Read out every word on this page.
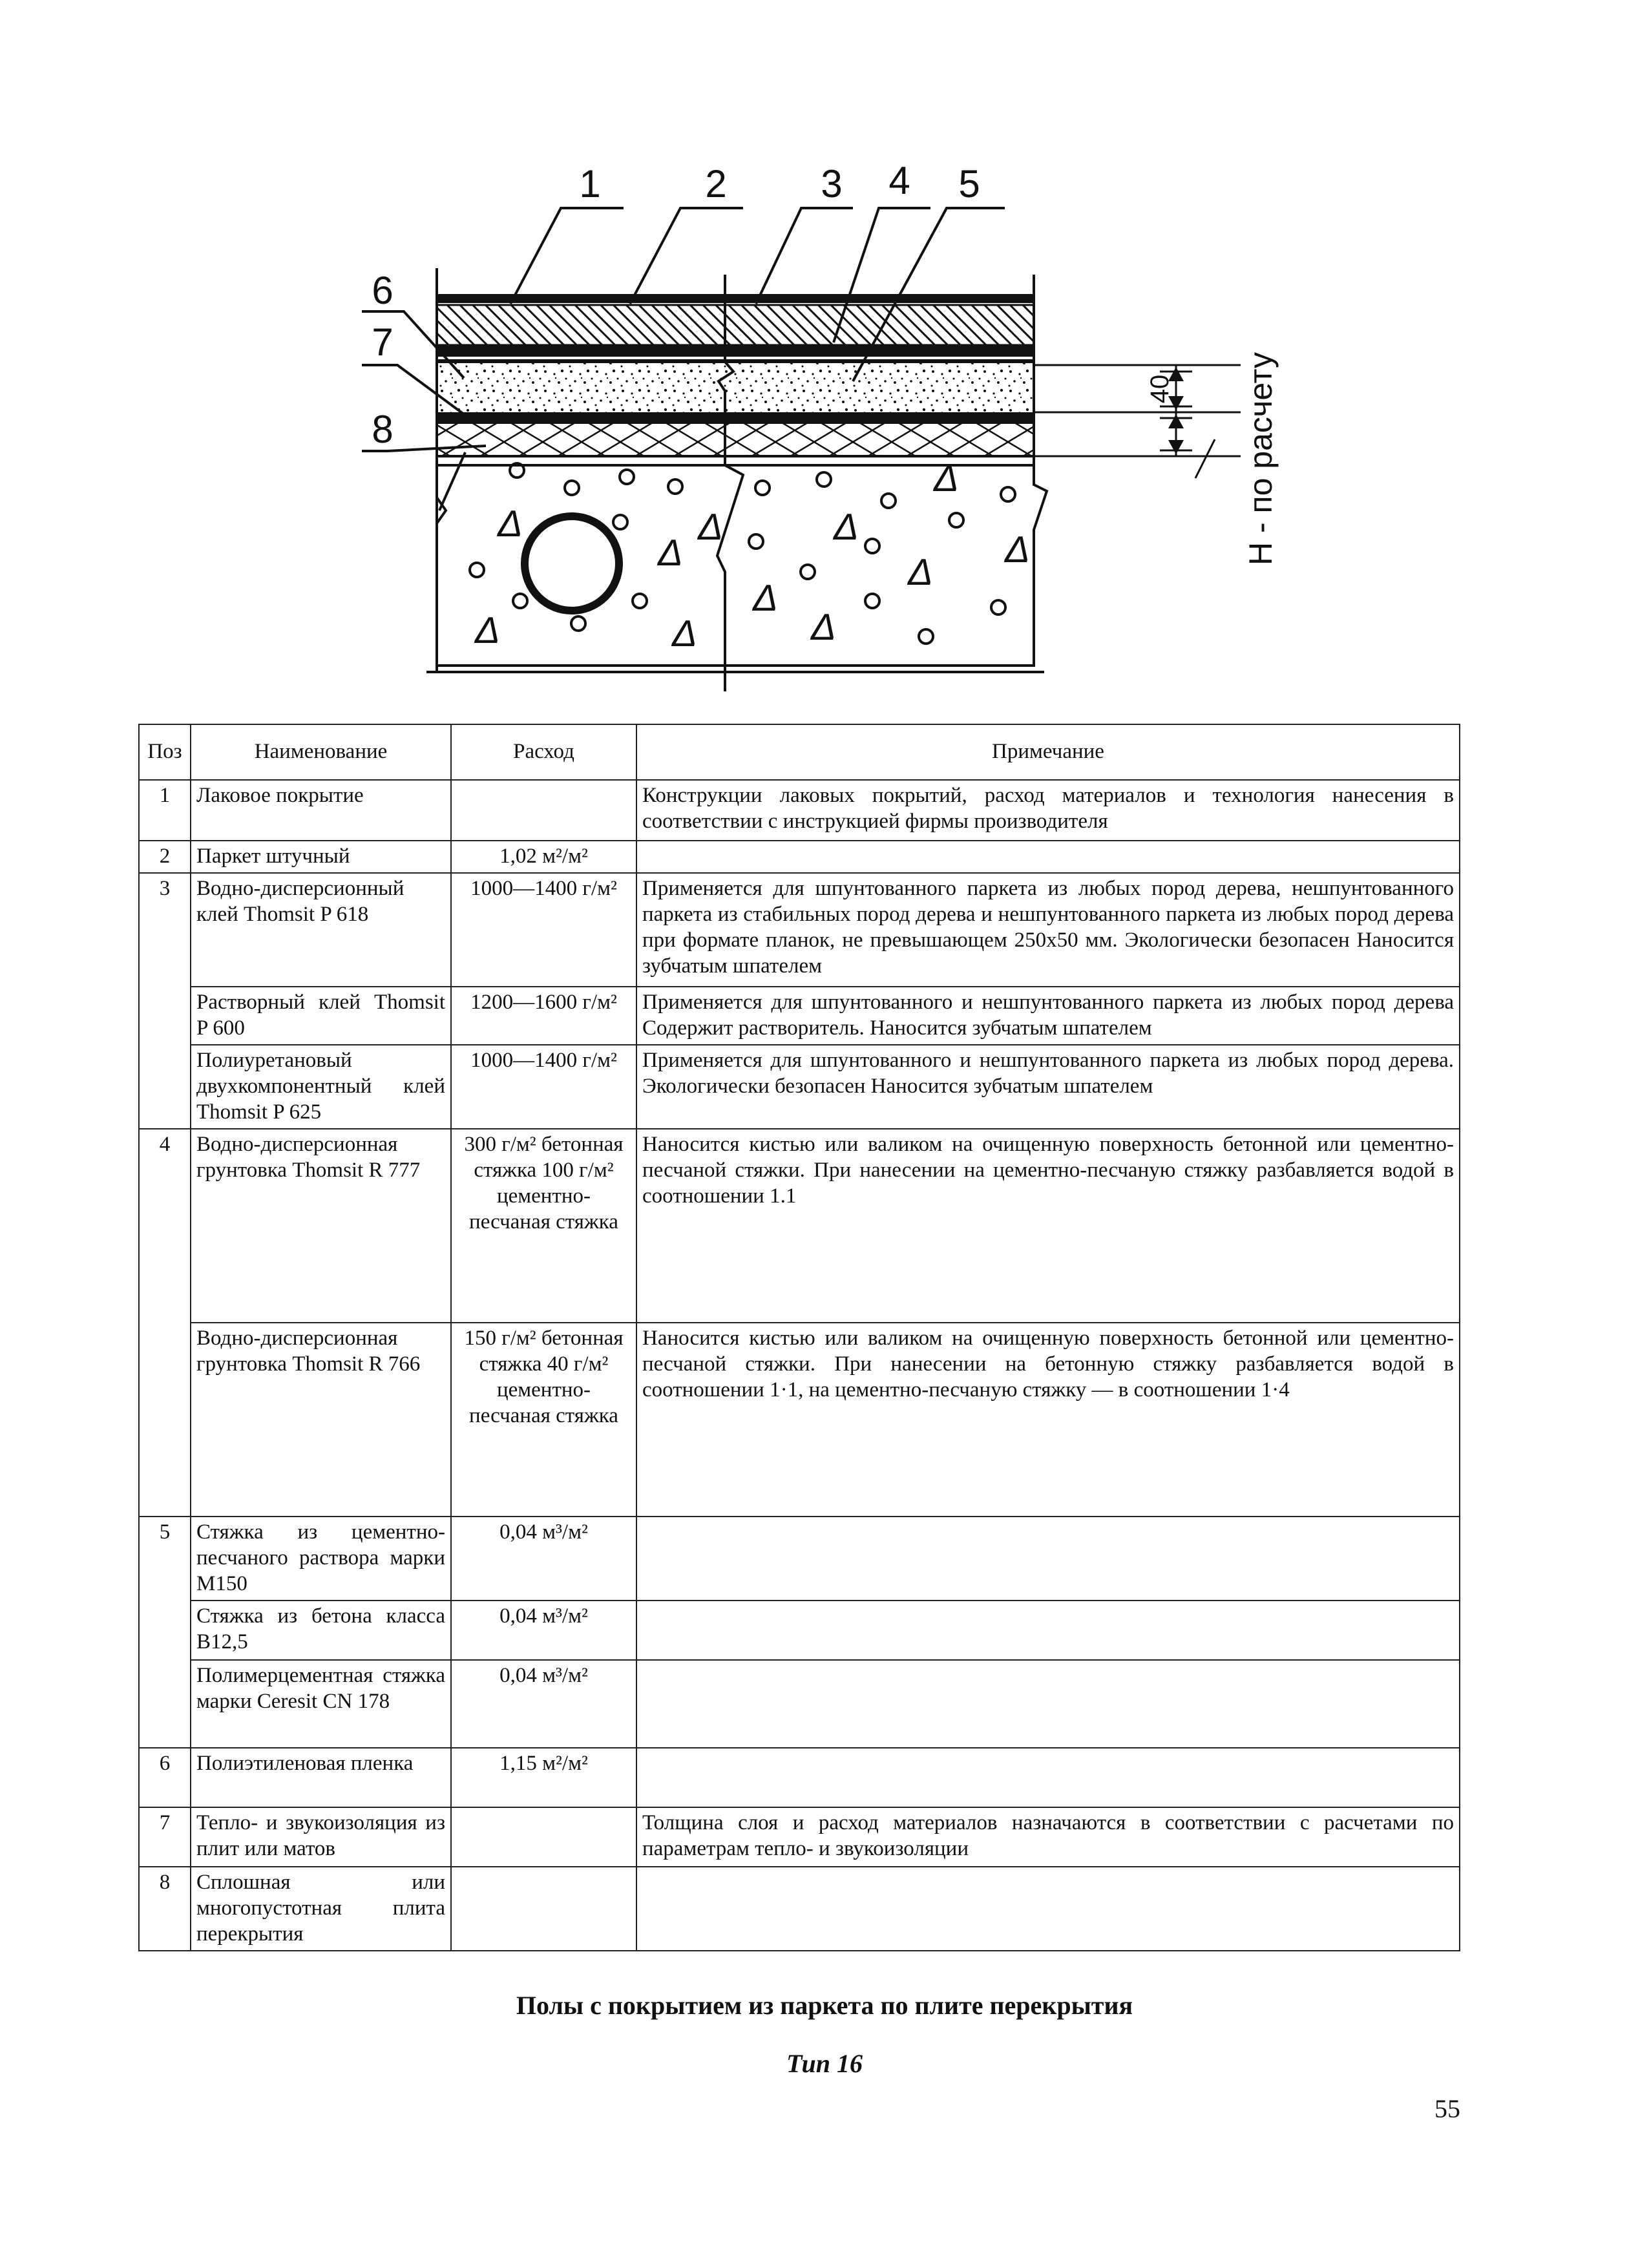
Δ
Δ
Δ
Δ	Δ
Δ
Δ
Δ
Δ
Δ
Δ
1	2 3 4 5
6
7
8
40 H - по расчету
Поз	Наименование	Расход	Примечание
1	Лаковое покрытие		Конструкции лаковых покрытий, расход материалов и технология нанесения в соответствии с инструкцией фирмы производителя
2	Паркет штучный	1,02 м²/м²	
3	Водно-дисперсионный клей Thomsit P 618	1000—1400 г/м²	Применяется для шпунтованного паркета из любых пород дерева, нешпунтованного паркета из стабильных пород дерева и нешпунтованного паркета из любых пород дерева при формате планок, не превышающем 250х50 мм. Экологически безопасен Наносится зубчатым шпателем
	Растворный клей Thomsit P 600	1200—1600 г/м²	Применяется для шпунтованного и нешпунтованного паркета из любых пород дерева Содержит растворитель. Наносится зубчатым шпателем
	Полиуретановый двухкомпонентный клей Thomsit P 625	1000—1400 г/м²	Применяется для шпунтованного и нешпунтованного паркета из любых пород дерева. Экологически безопасен Наносится зубчатым шпателем
4	Водно-дисперсионная грунтовка Thomsit R 777	300 г/м² бетонная стяжка 100 г/м² цементно-песчаная стяжка	Наносится кистью или валиком на очищенную поверхность бетонной или цементно-песчаной стяжки. При нанесении на цементно-песчаную стяжку разбавляется водой в соотношении 1.1
	Водно-дисперсионная грунтовка Thomsit R 766	150 г/м² бетонная стяжка 40 г/м² цементно-песчаная стяжка	Наносится кистью или валиком на очищенную поверхность бетонной или цементно-песчаной стяжки. При нанесении на бетонную стяжку разбавляется водой в соотношении 1·1, на цементно-песчаную стяжку — в соотношении 1·4
5	Стяжка из цементно-песчаного раствора марки М150	0,04 м³/м²	
	Стяжка из бетона класса В12,5	0,04 м³/м²	
	Полимерцементная стяжка марки Ceresit CN 178	0,04 м³/м²	
6	Полиэтиленовая пленка	1,15 м²/м²	
7	Тепло- и звукоизоляция из плит или матов		Толщина слоя и расход материалов назначаются в соответствии с расчетами по параметрам тепло- и звукоизоляции
8	Сплошная или многопустотная плита перекрытия		
Полы с покрытием из паркета по плите перекрытия
Тип 16
55
